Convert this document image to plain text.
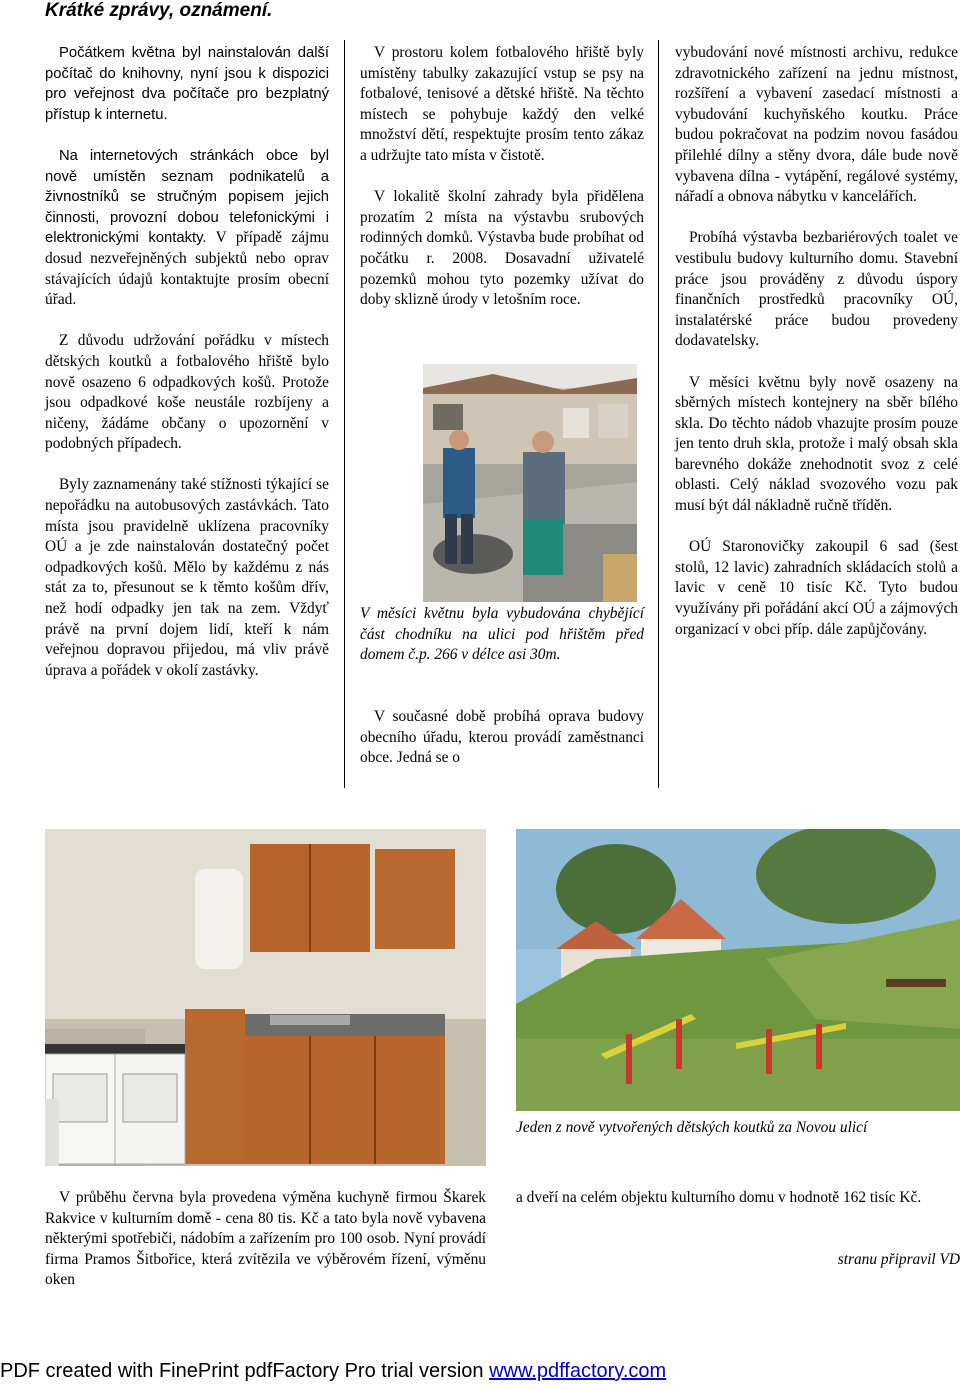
Krátké zprávy, oznámení.

Počátkem května byl nainstalován další počítač do knihovny, nyní jsou k dispozici pro veřejnost dva počítače pro bezplatný přístup k internetu.

Na internetových stránkách obce byl nově umístěn seznam podnikatelů a živnostníků se stručným popisem jejich činnosti, provozní dobou telefonickými i elektronickými kontakty. V případě zájmu dosud nezveřejněných subjektů nebo oprav stávajících údajů kontaktujte prosím obecní úřad.

Z důvodu udržování pořádku v místech dětských koutků a fotbalového hřiště bylo nově osazeno 6 odpadkových košů. Protože jsou odpadkové koše neustále rozbíjeny a ničeny, žádáme občany o upozornění v podobných případech.

Byly zaznamenány také stížnosti týkající se nepořádku na autobusových zastávkách. Tato místa jsou pravidelně uklízena pracovníky OÚ a je zde nainstalován dostatečný počet odpadkových košů. Mělo by každému z nás stát za to, přesunout se k těmto košům dřív, než hodí odpadky jen tak na zem. Vždyť právě na první dojem lidí, kteří k nám veřejnou dopravou přijedou, má vliv právě úprava a pořádek v okolí zastávky.

V prostoru kolem fotbalového hřiště byly umístěny tabulky zakazující vstup se psy na fotbalové, tenisové a dětské hřiště. Na těchto místech se pohybuje každý den velké množství dětí, respektujte prosím tento zákaz a udržujte tato místa v čistotě.

V lokalitě školní zahrady byla přidělena prozatím 2 místa na výstavbu srubových rodinných domků. Výstavba bude probíhat od počátku r. 2008. Dosavadní uživatelé pozemků mohou tyto pozemky užívat do doby sklizně úrody v letošním roce.

V měsíci květnu byla vybudována chybějící část chodníku na ulici pod hřištěm před domem č.p. 266 v délce asi 30m.

V současné době probíhá oprava budovy obecního úřadu, kterou provádí zaměstnanci obce. Jedná se o

vybudování nové místnosti archivu, redukce zdravotnického zařízení na jednu místnost, rozšíření a vybavení zasedací místnosti a vybudování kuchyňského koutku. Práce budou pokračovat na podzim novou fasádou přilehlé dílny a stěny dvora, dále bude nově vybavena dílna - vytápění, regálové systémy, nářadí a obnova nábytku v kancelářích.

Probíhá výstavba bezbariérových toalet ve vestibulu budovy kulturního domu. Stavební práce jsou prováděny z důvodu úspory finančních prostředků pracovníky OÚ, instalatérské práce budou provedeny dodavatelsky.

V měsíci květnu byly nově osazeny na sběrných místech kontejnery na sběr bílého skla. Do těchto nádob vhazujte prosím pouze jen tento druh skla, protože i malý obsah skla barevného dokáže znehodnotit svoz z celé oblasti. Celý náklad svozového vozu pak musí být dál nákladně ručně tříděn.

OÚ Staronovičky zakoupil 6 sad (šest stolů, 12 lavic) zahradních skládacích stolů a lavic v ceně 10 tisíc Kč. Tyto budou využívány při pořádání akcí OÚ a zájmových organizací v obci příp. dále zapůjčovány.

Jeden z nově vytvořených dětských koutků za Novou ulicí

V průběhu června byla provedena výměna kuchyně firmou Škarek Rakvice v kulturním domě - cena 80 tis. Kč a tato byla nově vybavena některými spotřebiči, nádobím a zařízením pro 100 osob. Nyní provádí firma Pramos Šitbořice, která zvítězila ve výběrovém řízení, výměnu oken

a dveří na celém objektu kulturního domu v hodnotě 162 tisíc Kč.

stranu připravil VD
PDF created with FinePrint pdfFactory Pro trial version www.pdffactory.com
